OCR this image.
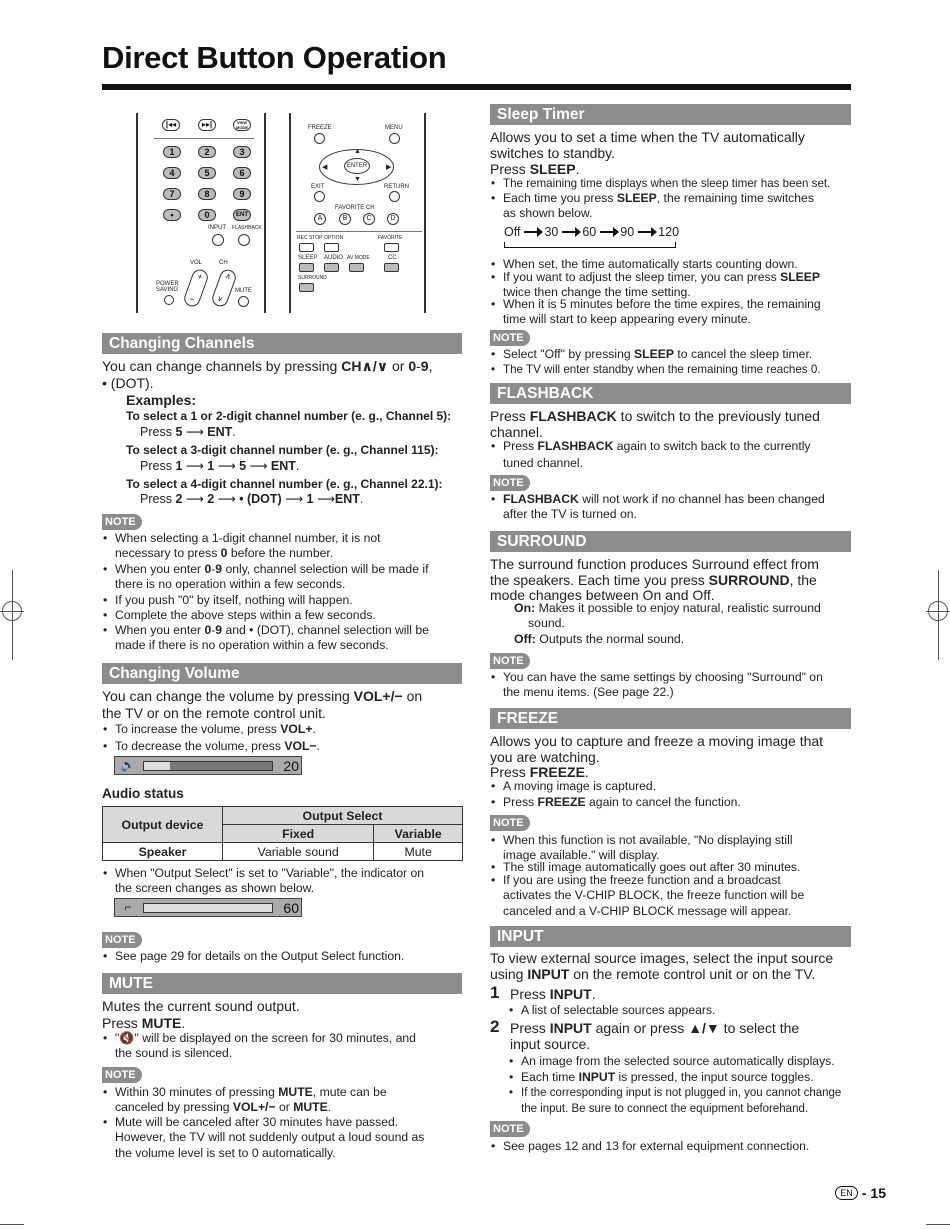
Direct Button Operation
|◂◂	▸▸|	VIEW MODE
1	2	3
4	5	6
7	8	9
•	0	ENT
INPUT FLASHBACK
VOL	CH
+

−
∧

∨
POWER SAVING	MUTE
FREEZE	MENU
ENTER
▲
◀	▶
▼
EXIT	RETURN
FAVORITE CH
A	B	C	D
REC STOP OPTION	FAVORITE
SLEEP AUDIO AV MODE	CC
SURROUND
Changing Channels
You can change channels by pressing CH∧/∨ or 0-9,
• (DOT).
Examples:
To select a 1 or 2-digit channel number (e. g., Channel 5):
Press 5 ⟶ ENT.
To select a 3-digit channel number (e. g., Channel 115):
Press 1 ⟶ 1 ⟶ 5 ⟶ ENT.
To select a 4-digit channel number (e. g., Channel 22.1):
Press 2 ⟶ 2 ⟶ • (DOT) ⟶ 1 ⟶ENT.
NOTE
• When selecting a 1-digit channel number, it is not
necessary to press 0 before the number.
• When you enter 0-9 only, channel selection will be made if
there is no operation within a few seconds.
• If you push "0" by itself, nothing will happen.
• Complete the above steps within a few seconds.
• When you enter 0-9 and • (DOT), channel selection will be
made if there is no operation within a few seconds.
Changing Volume
You can change the volume by pressing VOL+/− on
the TV or on the remote control unit.
• To increase the volume, press VOL+.
• To decrease the volume, press VOL−.
🔈	20
Audio status
Output device	Output Select	
	Fixed	Variable
Speaker	Variable sound	Mute
• When "Output Select" is set to "Variable", the indicator on
the screen changes as shown below.
⌐	60
NOTE
• See page 29 for details on the Output Select function.
MUTE
Mutes the current sound output.
Press MUTE.
• "🔇" will be displayed on the screen for 30 minutes, and
the sound is silenced.
NOTE
• Within 30 minutes of pressing MUTE, mute can be
canceled by pressing VOL+/− or MUTE.
• Mute will be canceled after 30 minutes have passed.
However, the TV will not suddenly output a loud sound as
the volume level is set to 0 automatically.
Sleep Timer
Allows you to set a time when the TV automatically
switches to standby.
Press SLEEP.
• The remaining time displays when the sleep timer has been set.
• Each time you press SLEEP, the remaining time switches
as shown below.
Off 30 60 90 120
• When set, the time automatically starts counting down.
• If you want to adjust the sleep timer, you can press SLEEP
twice then change the time setting.
• When it is 5 minutes before the time expires, the remaining
time will start to keep appearing every minute.
NOTE
• Select "Off" by pressing SLEEP to cancel the sleep timer.
• The TV will enter standby when the remaining time reaches 0.
FLASHBACK
Press FLASHBACK to switch to the previously tuned
channel.
• Press FLASHBACK again to switch back to the currently
tuned channel.
NOTE
• FLASHBACK will not work if no channel has been changed
after the TV is turned on.
SURROUND
The surround function produces Surround effect from
the speakers. Each time you press SURROUND, the
mode changes between On and Off.
On: Makes it possible to enjoy natural, realistic surround
sound.
Off: Outputs the normal sound.
NOTE
• You can have the same settings by choosing "Surround" on
the menu items. (See page 22.)
FREEZE
Allows you to capture and freeze a moving image that
you are watching.
Press FREEZE.
• A moving image is captured.
• Press FREEZE again to cancel the function.
NOTE
• When this function is not available, "No displaying still
image available." will display.
• The still image automatically goes out after 30 minutes.
• If you are using the freeze function and a broadcast
activates the V-CHIP BLOCK, the freeze function will be
canceled and a V-CHIP BLOCK message will appear.
INPUT
To view external source images, select the input source
using INPUT on the remote control unit or on the TV.
1 Press INPUT.
• A list of selectable sources appears.
2 Press INPUT again or press ▲/▼ to select the
input source.
• An image from the selected source automatically displays.
• Each time INPUT is pressed, the input source toggles.
• If the corresponding input is not plugged in, you cannot change
the input. Be sure to connect the equipment beforehand.
NOTE
• See pages 12 and 13 for external equipment connection.
EN - 15
